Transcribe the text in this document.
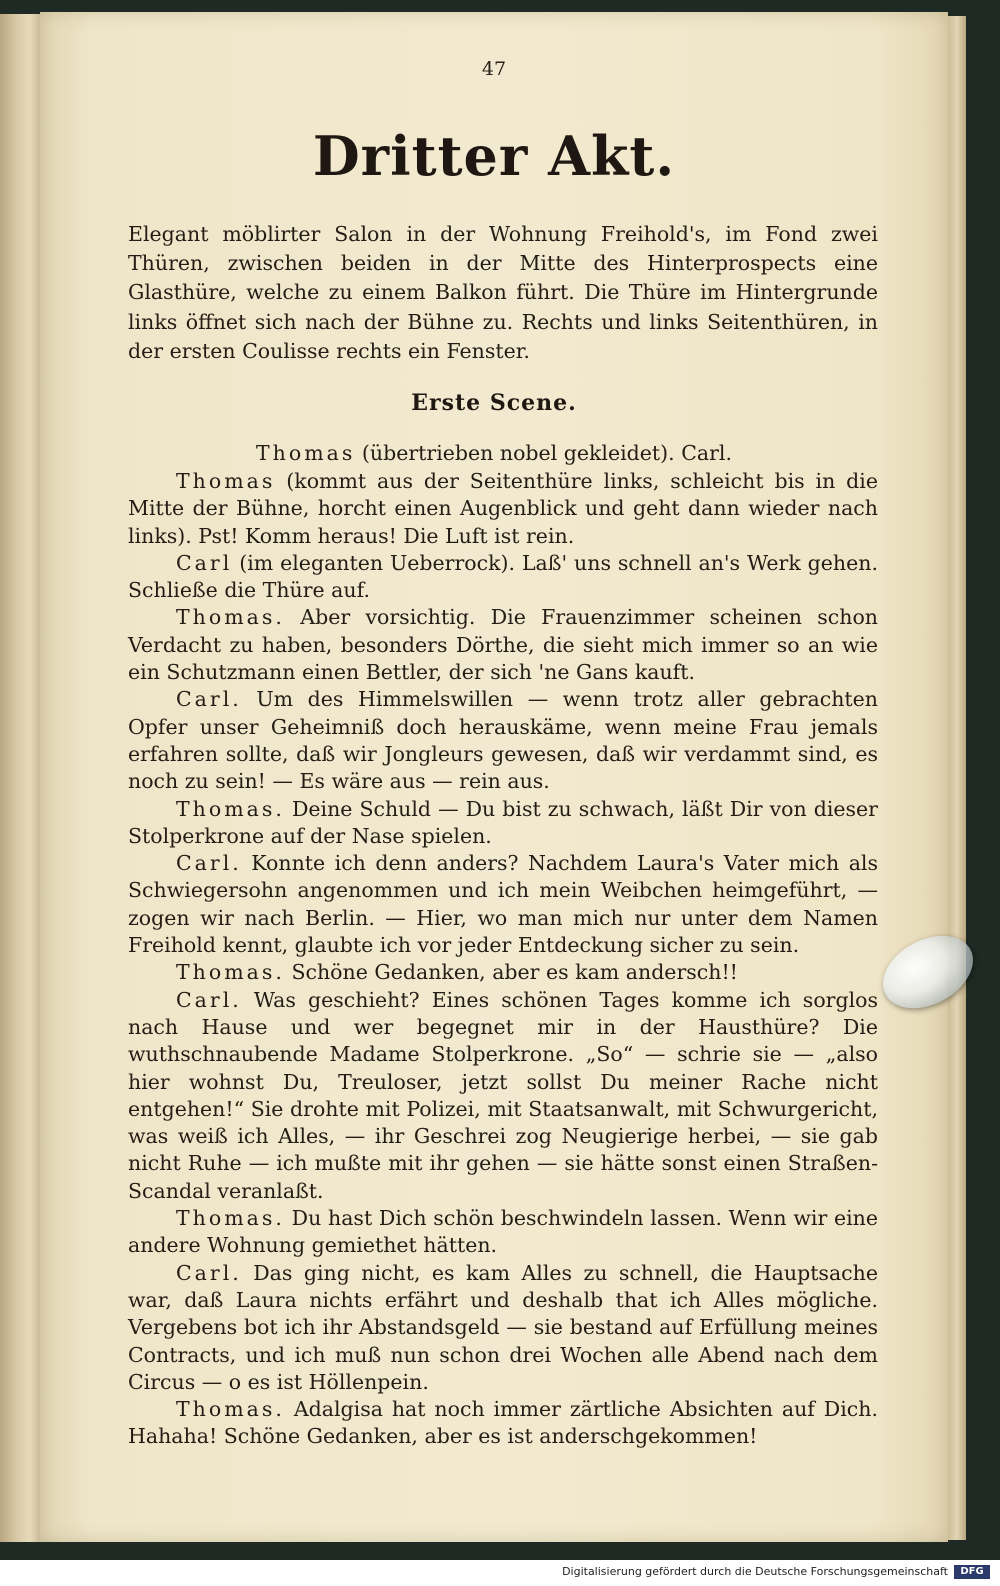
47
Dritter Akt.
Elegant möblirter Salon in der Wohnung Freihold's, im Fond zwei Thüren, zwischen beiden in der Mitte des Hinterprospects eine Glasthüre, welche zu einem Balkon führt. Die Thüre im Hintergrunde links öffnet sich nach der Bühne zu. Rechts und links Seitenthüren, in der ersten Coulisse rechts ein Fenster.
Erste Scene.
Thomas (übertrieben nobel gekleidet). Carl.

Thomas (kommt aus der Seitenthüre links, schleicht bis in die Mitte der Bühne, horcht einen Augenblick und geht dann wieder nach links). Pst! Komm heraus! Die Luft ist rein.

Carl (im eleganten Ueberrock). Laß' uns schnell an's Werk gehen. Schließe die Thüre auf.

Thomas. Aber vorsichtig. Die Frauenzimmer scheinen schon Verdacht zu haben, besonders Dörthe, die sieht mich immer so an wie ein Schutzmann einen Bettler, der sich 'ne Gans kauft.

Carl. Um des Himmelswillen — wenn trotz aller gebrachten Opfer unser Geheimniß doch herauskäme, wenn meine Frau jemals erfahren sollte, daß wir Jongleurs gewesen, daß wir verdammt sind, es noch zu sein! — Es wäre aus — rein aus.

Thomas. Deine Schuld — Du bist zu schwach, läßt Dir von dieser Stolperkrone auf der Nase spielen.

Carl. Konnte ich denn anders? Nachdem Laura's Vater mich als Schwiegersohn angenommen und ich mein Weibchen heimgeführt, — zogen wir nach Berlin. — Hier, wo man mich nur unter dem Namen Freihold kennt, glaubte ich vor jeder Entdeckung sicher zu sein.

Thomas. Schöne Gedanken, aber es kam andersch!!

Carl. Was geschieht? Eines schönen Tages komme ich sorglos nach Hause und wer begegnet mir in der Hausthüre? Die wuthschnaubende Madame Stolperkrone. „So“ — schrie sie — „also hier wohnst Du, Treuloser, jetzt sollst Du meiner Rache nicht entgehen!“ Sie drohte mit Polizei, mit Staatsanwalt, mit Schwurgericht, was weiß ich Alles, — ihr Geschrei zog Neugierige herbei, — sie gab nicht Ruhe — ich mußte mit ihr gehen — sie hätte sonst einen Straßen-Scandal veranlaßt.

Thomas. Du hast Dich schön beschwindeln lassen. Wenn wir eine andere Wohnung gemiethet hätten.

Carl. Das ging nicht, es kam Alles zu schnell, die Hauptsache war, daß Laura nichts erfährt und deshalb that ich Alles mögliche. Vergebens bot ich ihr Abstandsgeld — sie bestand auf Erfüllung meines Contracts, und ich muß nun schon drei Wochen alle Abend nach dem Circus — o es ist Höllenpein.

Thomas. Adalgisa hat noch immer zärtliche Absichten auf Dich. Hahaha! Schöne Gedanken, aber es ist anderschgekommen!

Digitalisierung gefördert durch die Deutsche Forschungsgemeinschaft	DFG
